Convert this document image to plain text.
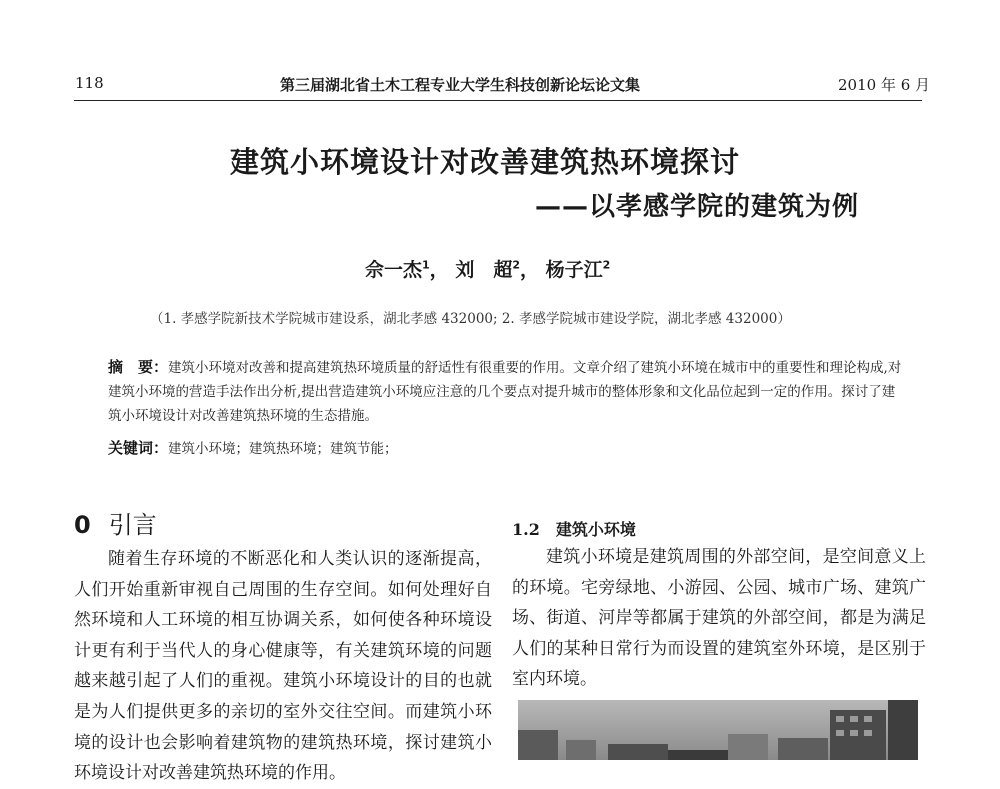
118	第三届湖北省土木工程专业大学生科技创新论坛论文集	2010 年 6 月
建筑小环境设计对改善建筑热环境探讨
——以孝感学院的建筑为例
佘一杰$^1$， 刘　超$^2$， 杨子江$^2$
（1. 孝感学院新技术学院城市建设系，湖北孝感 432000; 2. 孝感学院城市建设学院，湖北孝感 432000）
摘　要：建筑小环境对改善和提高建筑热环境质量的舒适性有很重要的作用。文章介绍了建筑小环境在城市中的重要性和理论构成,对建筑小环境的营造手法作出分析,提出营造建筑小环境应注意的几个要点对提升城市的整体形象和文化品位起到一定的作用。探讨了建筑小环境设计对改善建筑热环境的生态措施。
关键词：建筑小环境；建筑热环境；建筑节能；
0 引言
随着生存环境的不断恶化和人类认识的逐渐提高，人们开始重新审视自己周围的生存空间。如何处理好自然环境和人工环境的相互协调关系，如何使各种环境设计更有利于当代人的身心健康等，有关建筑环境的问题越来越引起了人们的重视。建筑小环境设计的目的也就是为人们提供更多的亲切的室外交往空间。而建筑小环境的设计也会影响着建筑物的建筑热环境，探讨建筑小环境设计对改善建筑热环境的作用。
1.2 建筑小环境
建筑小环境是建筑周围的外部空间，是空间意义上的环境。宅旁绿地、小游园、公园、城市广场、建筑广场、街道、河岸等都属于建筑的外部空间，都是为满足人们的某种日常行为而设置的建筑室外环境，是区别于室内环境。
